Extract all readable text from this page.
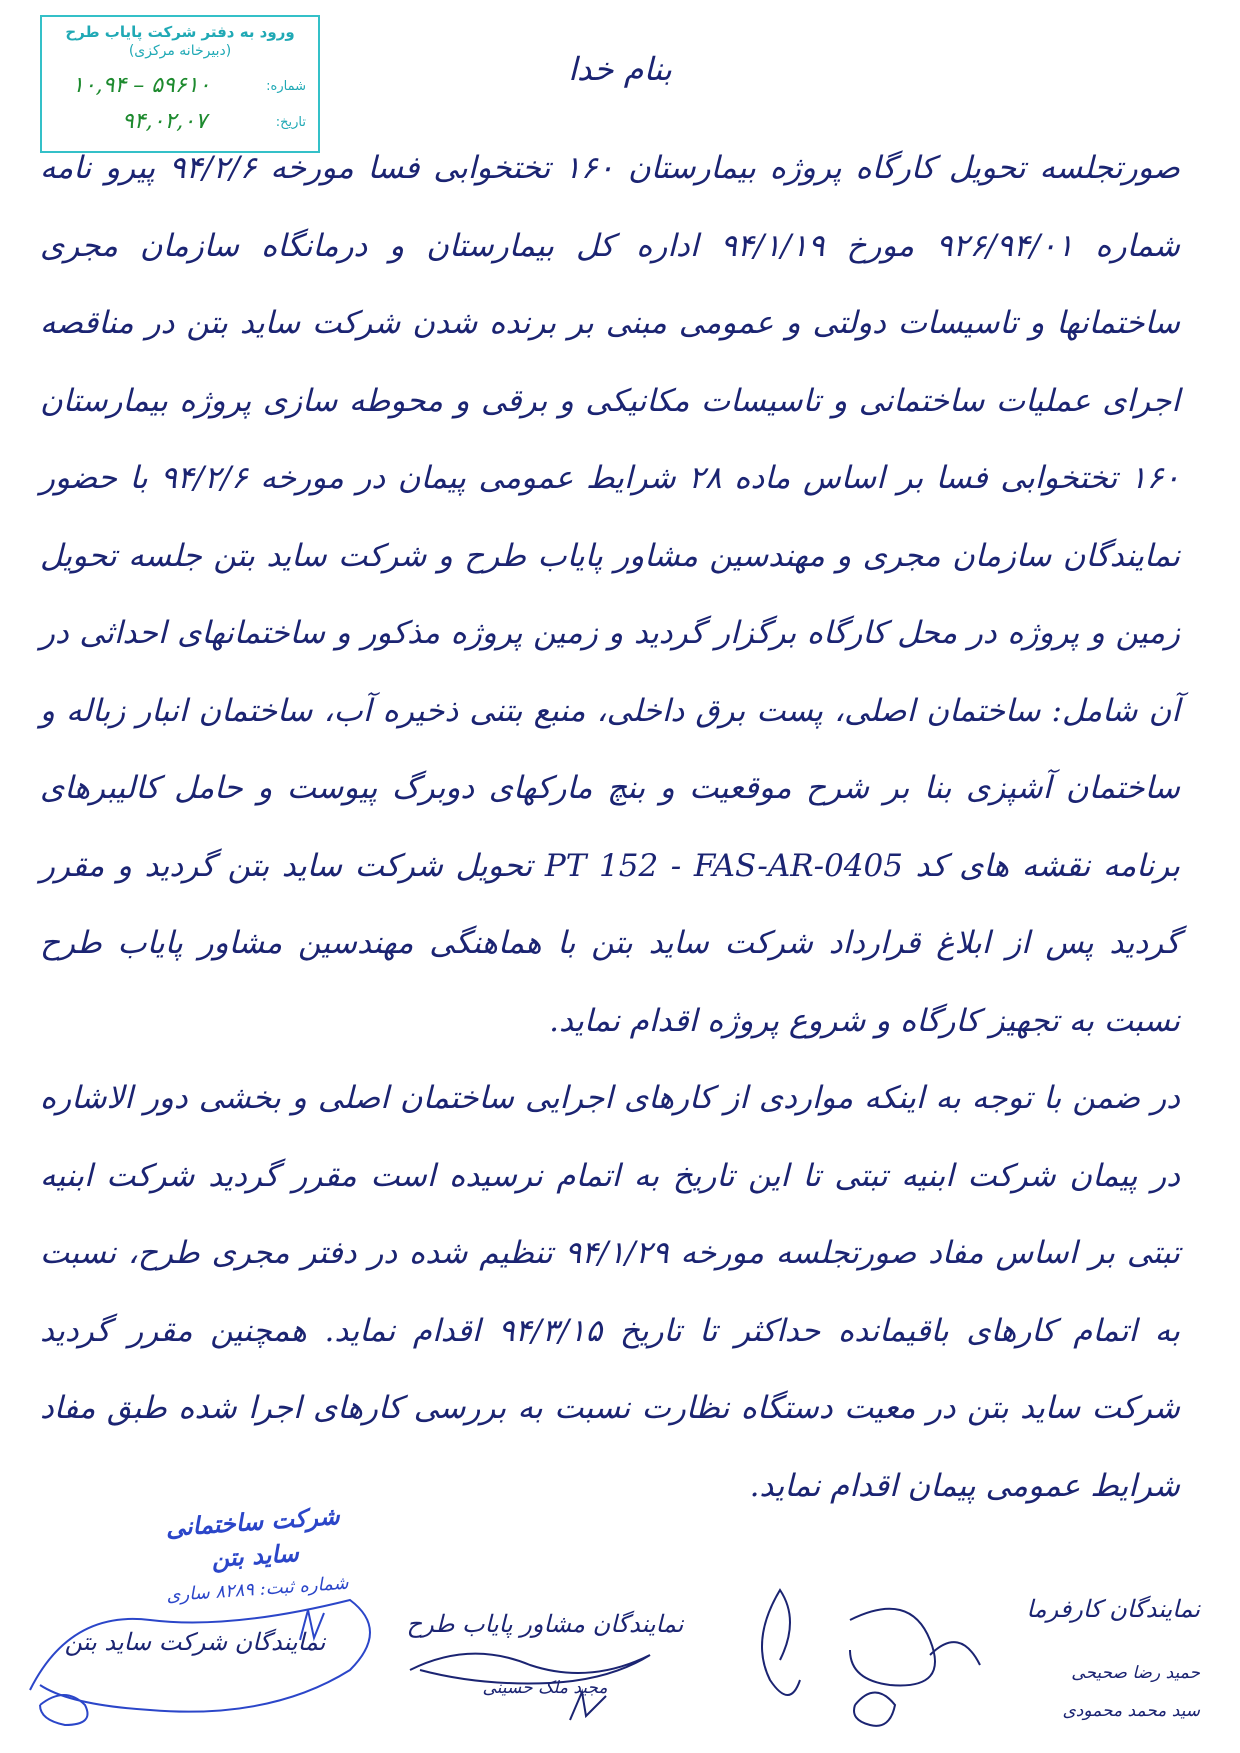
ورود به دفتر شرکت پایاب طرح
(دبیرخانه مرکزی)
شماره:
تاریخ:
۱۰,۹۴ – ۵۹۶۱۰
۹۴,۰۲,۰۷
بنام خدا

صورتجلسه تحویل کارگاه پروژه بیمارستان ۱۶۰ تختخوابی فسا مورخه ۹۴/۲/۶ پیرو نامه شماره ۹۲۶/۹۴/۰۱ مورخ ۹۴/۱/۱۹ اداره کل بیمارستان و درمانگاه سازمان مجری ساختمانها و تاسیسات دولتی و عمومی مبنی بر برنده شدن شرکت ساید بتن در مناقصه اجرای عملیات ساختمانی و تاسیسات مکانیکی و برقی و محوطه سازی پروژه بیمارستان ۱۶۰ تختخوابی فسا بر اساس ماده ۲۸ شرایط عمومی پیمان در مورخه ۹۴/۲/۶ با حضور نمایندگان سازمان مجری و مهندسین مشاور پایاب طرح و شرکت ساید بتن جلسه تحویل زمین و پروژه در محل کارگاه برگزار گردید و زمین پروژه مذکور و ساختمانهای احداثی در آن شامل: ساختمان اصلی، پست برق داخلی، منبع بتنی ذخیره آب، ساختمان انبار زباله و ساختمان آشپزی بنا بر شرح موقعیت و بنچ مارکهای دوبرگ پیوست و حامل کالیبرهای برنامه نقشه های کد PT 152 - FAS-AR-0405 تحویل شرکت ساید بتن گردید و مقرر گردید پس از ابلاغ قرارداد شرکت ساید بتن با هماهنگی مهندسین مشاور پایاب طرح نسبت به تجهیز کارگاه و شروع پروژه اقدام نماید.

در ضمن با توجه به اینکه مواردی از کارهای اجرایی ساختمان اصلی و بخشی دور الاشاره در پیمان شرکت ابنیه تبتی تا این تاریخ به اتمام نرسیده است مقرر گردید شرکت ابنیه تبتی بر اساس مفاد صورتجلسه مورخه ۹۴/۱/۲۹ تنظیم شده در دفتر مجری طرح، نسبت به اتمام کارهای باقیمانده حداکثر تا تاریخ ۹۴/۳/۱۵ اقدام نماید. همچنین مقرر گردید شرکت ساید بتن در معیت دستگاه نظارت نسبت به بررسی کارهای اجرا شده طبق مفاد شرایط عمومی پیمان اقدام نماید.

شرکت ساختمانی ساید بتن
شماره ثبت: ۸۲۸۹ ساری
نمایندگان کارفرما
حمید رضا صحیحی
سید محمد محمودی
نمایندگان مشاور پایاب طرح
مجید ملک حسینی
نمایندگان شرکت ساید بتن
